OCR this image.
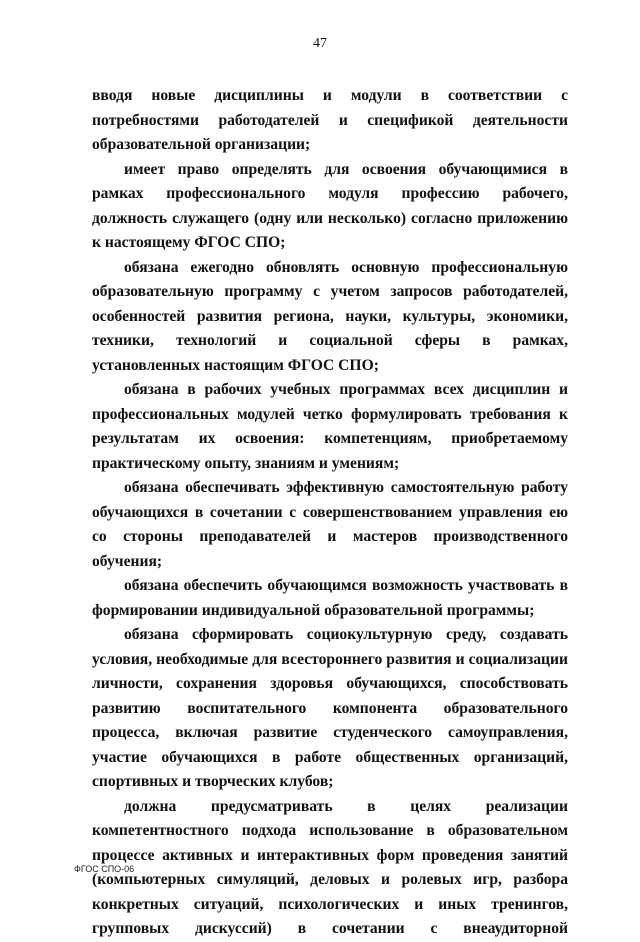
47

вводя новые дисциплины и модули в соответствии с потребностями работодателей и спецификой деятельности образовательной организации;

имеет право определять для освоения обучающимися в рамках профессионального модуля профессию рабочего, должность служащего (одну или несколько) согласно приложению к настоящему ФГОС СПО;

обязана ежегодно обновлять основную профессиональную образовательную программу с учетом запросов работодателей, особенностей развития региона, науки, культуры, экономики, техники, технологий и социальной сферы в рамках, установленных настоящим ФГОС СПО;

обязана в рабочих учебных программах всех дисциплин и профессиональных модулей четко формулировать требования к результатам их освоения: компетенциям, приобретаемому практическому опыту, знаниям и умениям;

обязана обеспечивать эффективную самостоятельную работу обучающихся в сочетании с совершенствованием управления ею со стороны преподавателей и мастеров производственного обучения;

обязана обеспечить обучающимся возможность участвовать в формировании индивидуальной образовательной программы;

обязана сформировать социокультурную среду, создавать условия, необходимые для всестороннего развития и социализации личности, сохранения здоровья обучающихся, способствовать развитию воспитательного компонента образовательного процесса, включая развитие студенческого самоуправления, участие обучающихся в работе общественных организаций, спортивных и творческих клубов;

должна предусматривать в целях реализации компетентностного подхода использование в образовательном процессе активных и интерактивных форм проведения занятий (компьютерных симуляций, деловых и ролевых игр, разбора конкретных ситуаций, психологических и иных тренингов, групповых дискуссий) в сочетании с внеаудиторной

ФГОС СПО-06
